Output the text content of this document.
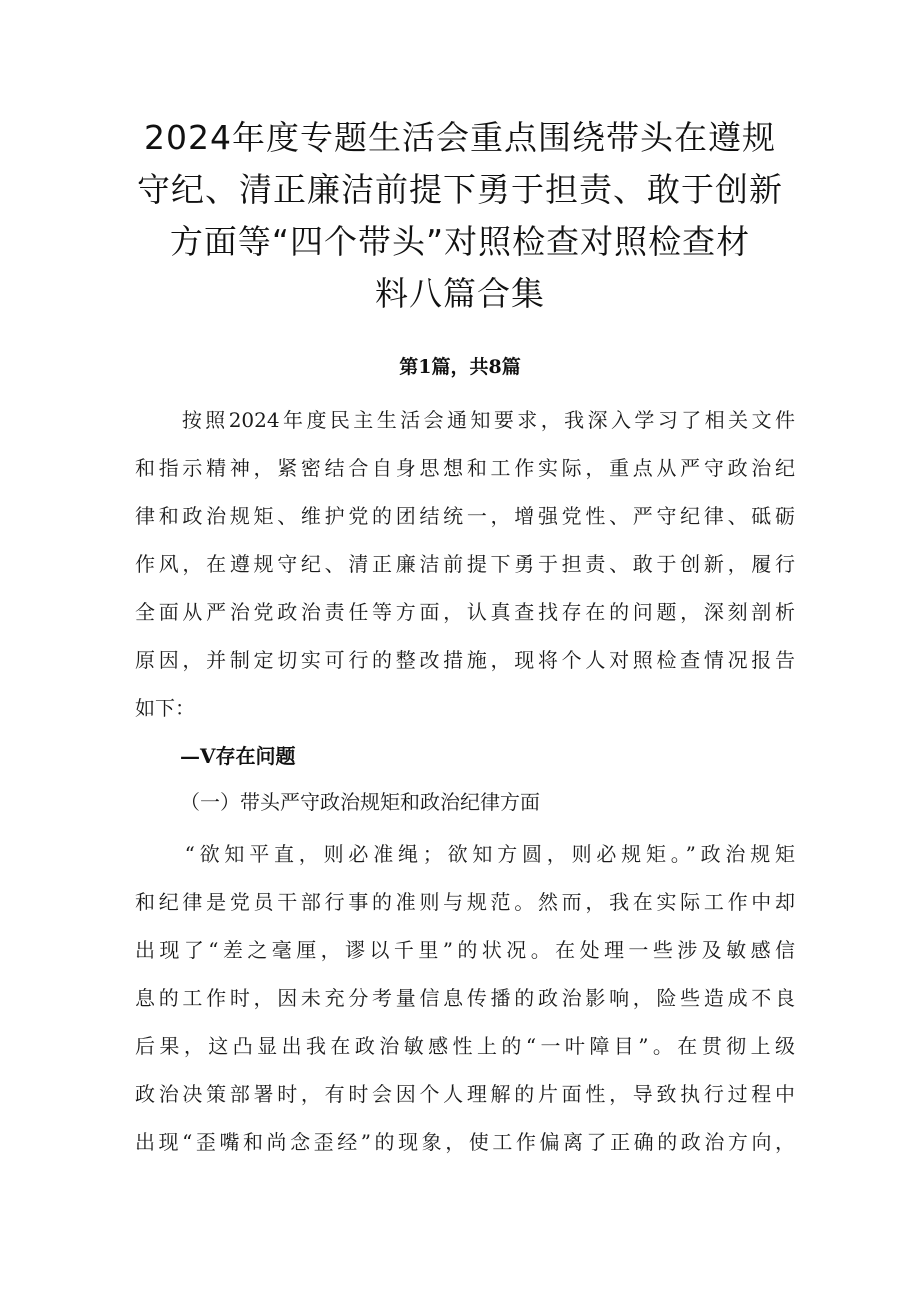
2024年度专题生活会重点围绕带头在遵规
守纪、清正廉洁前提下勇于担责、敢于创新
方面等“四个带头”对照检查对照检查材
料八篇合集
第1篇，共8篇
　　按照2024年度民主生活会通知要求，我深入学习了相关文件
和指示精神，紧密结合自身思想和工作实际，重点从严守政治纪
律和政治规矩、维护党的团结统一，增强党性、严守纪律、砥砺
作风，在遵规守纪、清正廉洁前提下勇于担责、敢于创新，履行
全面从严治党政治责任等方面，认真查找存在的问题，深刻剖析
原因，并制定切实可行的整改措施，现将个人对照检查情况报告
如下：
—V存在问题
（一）带头严守政治规矩和政治纪律方面
　　“欲知平直，则必准绳；欲知方圆，则必规矩。”政治规矩
和纪律是党员干部行事的准则与规范。然而，我在实际工作中却
出现了“差之毫厘，谬以千里”的状况。在处理一些涉及敏感信
息的工作时，因未充分考量信息传播的政治影响，险些造成不良
后果，这凸显出我在政治敏感性上的“一叶障目”。在贯彻上级
政治决策部署时，有时会因个人理解的片面性，导致执行过程中
出现“歪嘴和尚念歪经”的现象，使工作偏离了正确的政治方向，
